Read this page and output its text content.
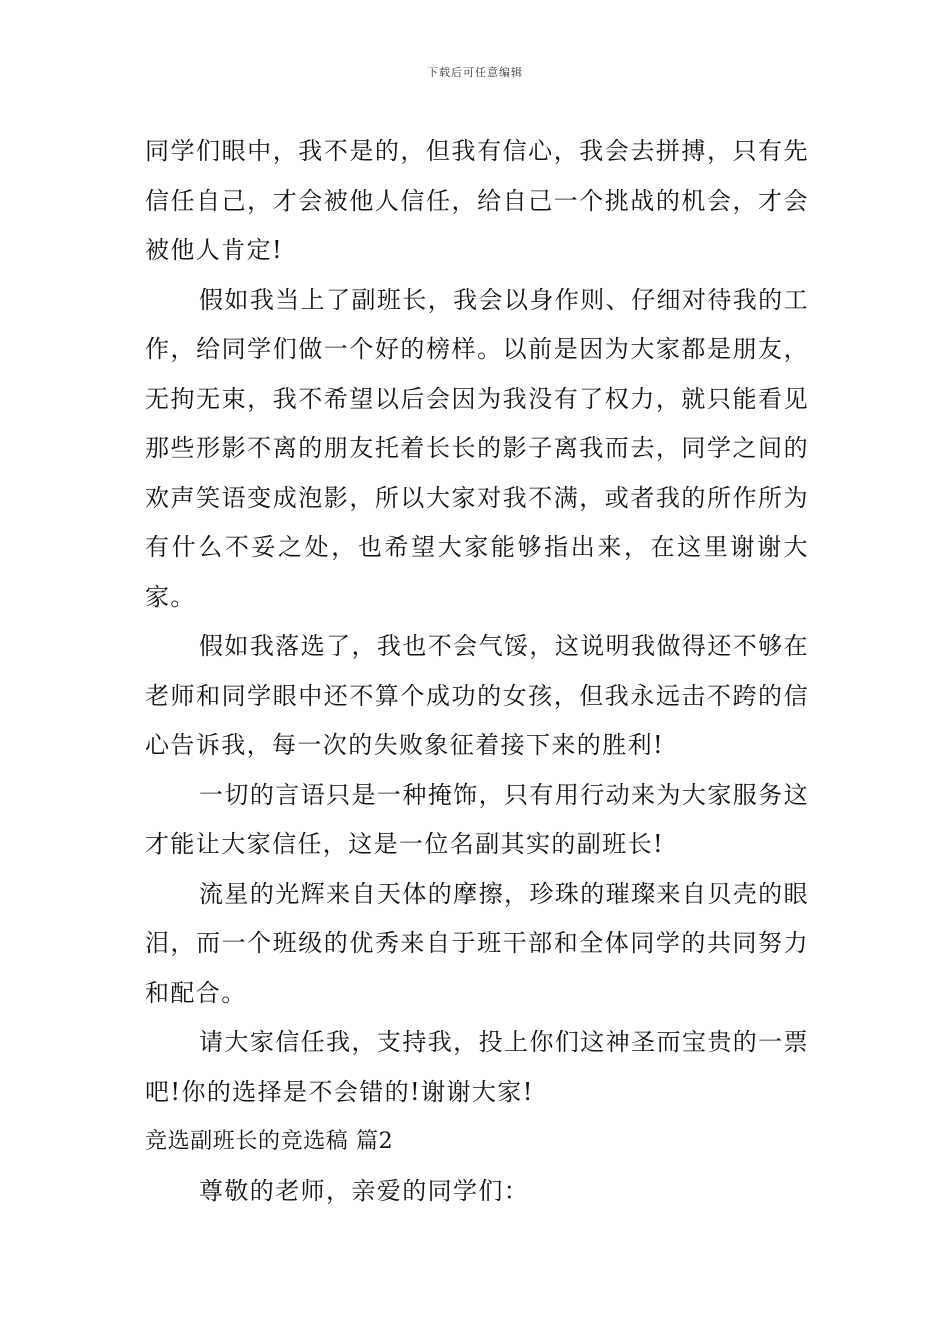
下载后可任意编辑

同学们眼中，我不是的，但我有信心，我会去拼搏，只有先信任自己，才会被他人信任，给自己一个挑战的机会，才会被他人肯定!

假如我当上了副班长，我会以身作则、仔细对待我的工作，给同学们做一个好的榜样。以前是因为大家都是朋友，无拘无束，我不希望以后会因为我没有了权力，就只能看见那些形影不离的朋友托着长长的影子离我而去，同学之间的欢声笑语变成泡影，所以大家对我不满，或者我的所作所为有什么不妥之处，也希望大家能够指出来，在这里谢谢大家。

假如我落选了，我也不会气馁，这说明我做得还不够在老师和同学眼中还不算个成功的女孩，但我永远击不跨的信心告诉我，每一次的失败象征着接下来的胜利!

一切的言语只是一种掩饰，只有用行动来为大家服务这才能让大家信任，这是一位名副其实的副班长!

流星的光辉来自天体的摩擦，珍珠的璀璨来自贝壳的眼泪，而一个班级的优秀来自于班干部和全体同学的共同努力和配合。

请大家信任我，支持我，投上你们这神圣而宝贵的一票吧!你的选择是不会错的!谢谢大家!

竞选副班长的竞选稿 篇2

尊敬的老师，亲爱的同学们：
